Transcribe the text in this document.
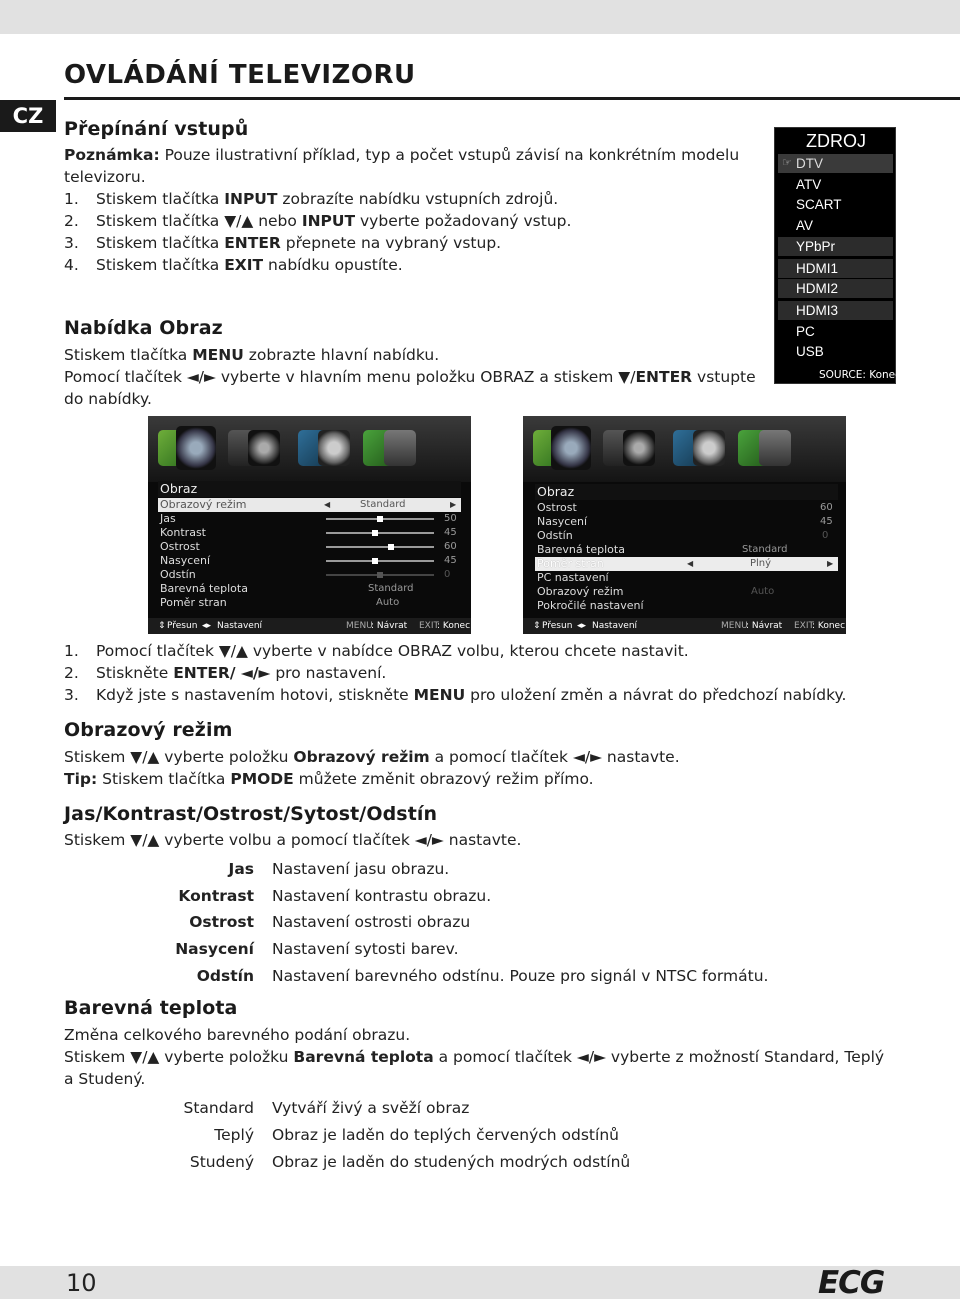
CZ
OVLÁDÁNÍ TELEVIZORU
Přepínání vstupů
Poznámka: Pouze ilustrativní příklad, typ a počet vstupů závisí na konkrétním modelu
televizoru.
1. Stiskem tlačítka INPUT zobrazíte nabídku vstupních zdrojů.
2. Stiskem tlačítka ▼/▲ nebo INPUT vyberte požadovaný vstup.
3. Stiskem tlačítka ENTER přepnete na vybraný vstup.
4. Stiskem tlačítka EXIT nabídku opustíte.
ZDROJ
☞ DTV
ATV
SCART
AV
YPbPr
HDMI1
HDMI2
HDMI3
PC
USB
SOURCE: Konec
Nabídka Obraz
Stiskem tlačítka MENU zobrazte hlavní nabídku.
Pomocí tlačítek ◄/► vyberte v hlavním menu položku OBRAZ a stiskem ▼/ENTER vstupte
do nabídky.
Obraz
Obrazový režim	◀	Standard	▶
Jas	50
Kontrast	45
Ostrost	60
Nasycení	45
Odstín	0
Barevná teplota	Standard
Poměr stran	Auto
⇕ Přesun ◂▸ Nastavení	MENU
: Návrat EXIT
: Konec
Obraz
Ostrost	60
Nasycení	45
Odstín	0
Barevná teplota	Standard
Poměr stran	◀	Plný	▶
PC nastavení
Obrazový režim	Auto
Pokročilé nastavení
⇕ Přesun ◂▸ Nastavení	MENU
: Návrat EXIT
: Konec
1. Pomocí tlačítek ▼/▲ vyberte v nabídce OBRAZ volbu, kterou chcete nastavit.
2. Stiskněte ENTER/ ◄/► pro nastavení.
3. Když jste s nastavením hotovi, stiskněte MENU pro uložení změn a návrat do předchozí nabídky.
Obrazový režim
Stiskem ▼/▲ vyberte položku Obrazový režim a pomocí tlačítek ◄/► nastavte.
Tip: Stiskem tlačítka PMODE můžete změnit obrazový režim přímo.
Jas/Kontrast/Ostrost/Sytost/Odstín
Stiskem ▼/▲ vyberte volbu a pomocí tlačítek ◄/► nastavte.
Jas Nastavení jasu obrazu.
Kontrast Nastavení kontrastu obrazu.
Ostrost Nastavení ostrosti obrazu
Nasycení Nastavení sytosti barev.
Odstín Nastavení barevného odstínu. Pouze pro signál v NTSC formátu.
Barevná teplota
Změna celkového barevného podání obrazu.
Stiskem ▼/▲ vyberte položku Barevná teplota a pomocí tlačítek ◄/► vyberte z možností Standard, Teplý
a Studený.
Standard Vytváří živý a svěží obraz
Teplý Obraz je laděn do teplých červených odstínů
Studený Obraz je laděn do studených modrých odstínů
10	ECG
